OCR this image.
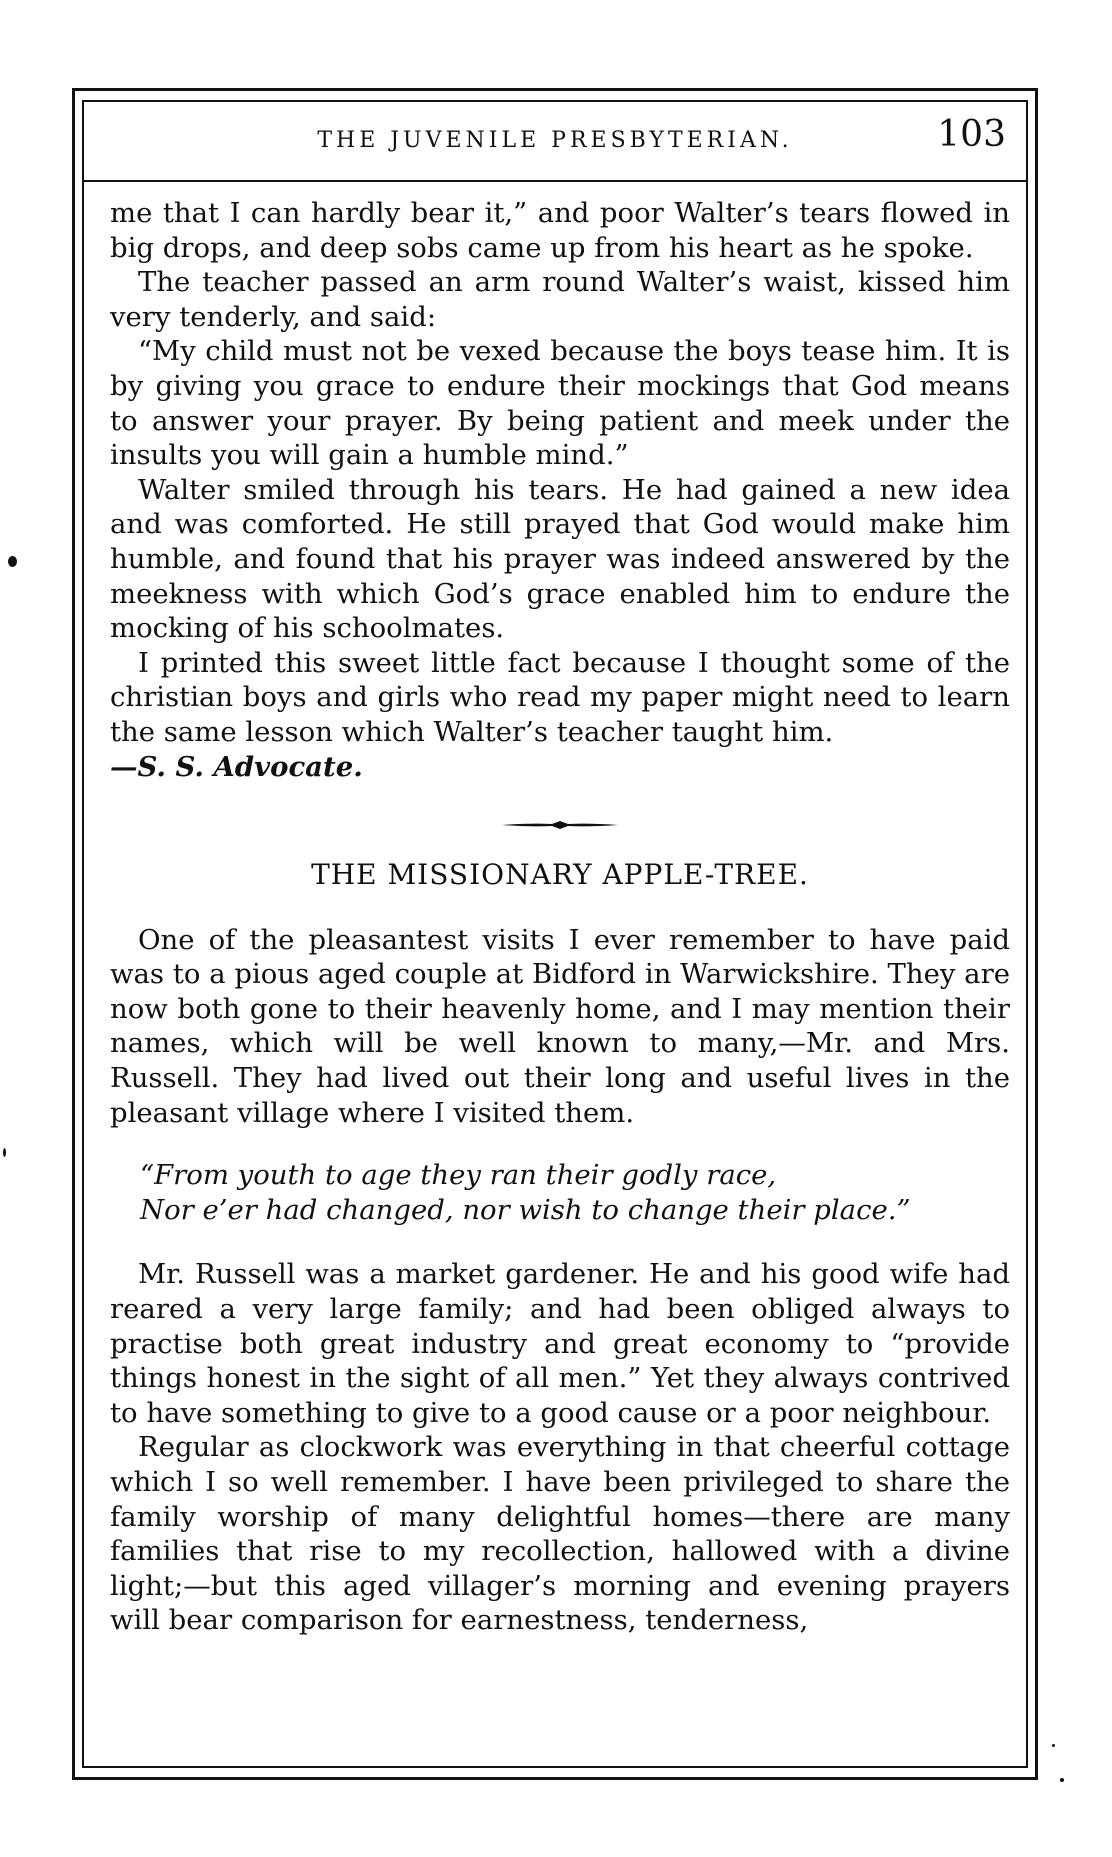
THE JUVENILE PRESBYTERIAN.	103

me that I can hardly bear it,” and poor Walter’s tears flowed in big drops, and deep sobs came up from his heart as he spoke.

The teacher passed an arm round Walter’s waist, kissed him very tenderly, and said:

“My child must not be vexed because the boys tease him. It is by giving you grace to endure their mockings that God means to answer your prayer. By being patient and meek under the insults you will gain a humble mind.”

Walter smiled through his tears. He had gained a new idea and was comforted. He still prayed that God would make him humble, and found that his prayer was indeed answered by the meekness with which God’s grace enabled him to endure the mocking of his schoolmates.

I printed this sweet little fact because I thought some of the christian boys and girls who read my paper might need to learn the same lesson which Walter’s teacher taught him.

—S. S. Advocate.

THE MISSIONARY APPLE-TREE.

One of the pleasantest visits I ever remember to have paid was to a pious aged couple at Bidford in Warwickshire. They are now both gone to their heavenly home, and I may mention their names, which will be well known to many,—Mr. and Mrs. Russell. They had lived out their long and useful lives in the pleasant village where I visited them.

“From youth to age they ran their godly race,
Nor e’er had changed, nor wish to change their place.”

Mr. Russell was a market gardener. He and his good wife had reared a very large family; and had been obliged always to practise both great industry and great economy to “provide things honest in the sight of all men.” Yet they always contrived to have something to give to a good cause or a poor neighbour.

Regular as clockwork was everything in that cheerful cottage which I so well remember. I have been privileged to share the family worship of many delightful homes—there are many families that rise to my recollection, hallowed with a divine light;—but this aged villager’s morning and evening prayers will bear comparison for earnestness, tenderness,
